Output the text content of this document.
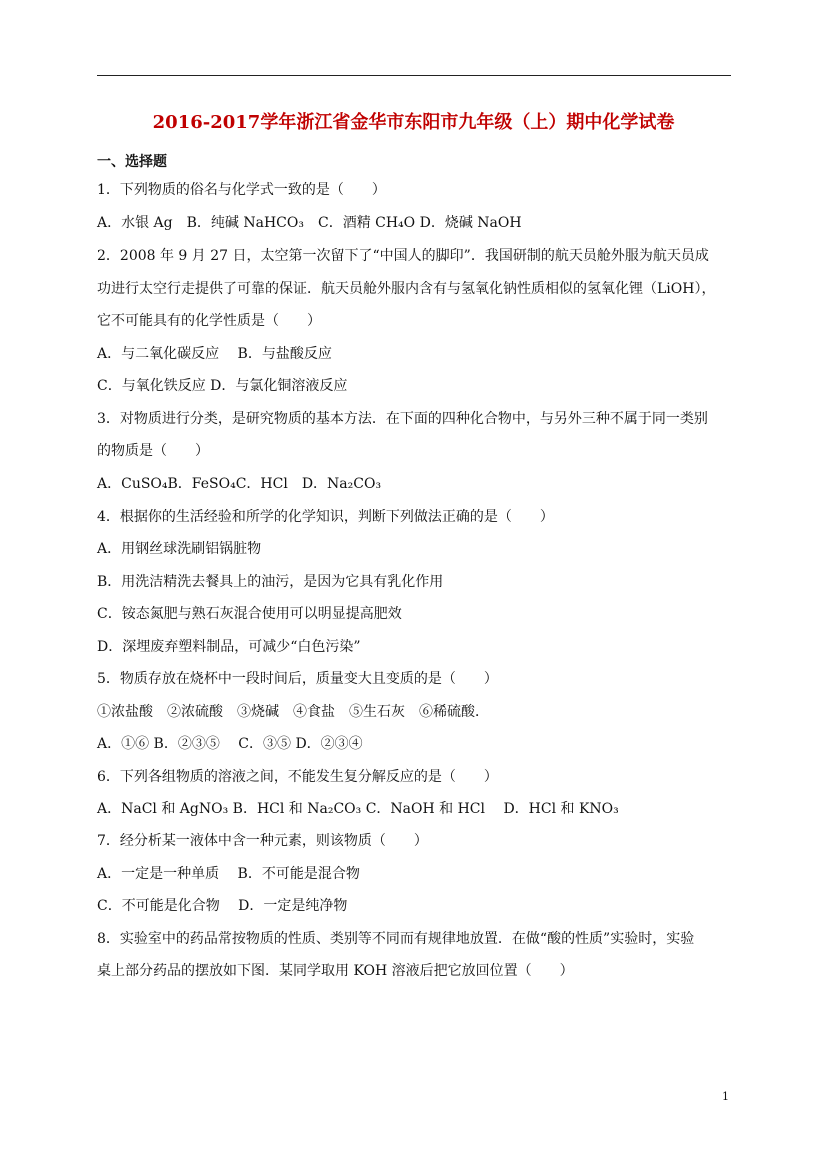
2016-2017学年浙江省金华市东阳市九年级（上）期中化学试卷
一、选择题
1．下列物质的俗名与化学式一致的是（　　）
A．水银 Ag　B．纯碱 NaHCO₃　C．酒精 CH₄O D．烧碱 NaOH
2．2008 年 9 月 27 日，太空第一次留下了“中国人的脚印”．我国研制的航天员舱外服为航天员成
功进行太空行走提供了可靠的保证．航天员舱外服内含有与氢氧化钠性质相似的氢氧化锂（LiOH），
它不可能具有的化学性质是（　　）
A．与二氧化碳反应　 B．与盐酸反应
C．与氧化铁反应 D．与氯化铜溶液反应
3．对物质进行分类，是研究物质的基本方法．在下面的四种化合物中，与另外三种不属于同一类别
的物质是（　　）
A．CuSO₄B．FeSO₄C．HCl　D．Na₂CO₃
4．根据你的生活经验和所学的化学知识，判断下列做法正确的是（　　）
A．用钢丝球洗刷铝锅脏物
B．用洗洁精洗去餐具上的油污，是因为它具有乳化作用
C．铵态氮肥与熟石灰混合使用可以明显提高肥效
D．深埋废弃塑料制品，可减少“白色污染”
5．物质存放在烧杯中一段时间后，质量变大且变质的是（　　）
①浓盐酸　②浓硫酸　③烧碱　④食盐　⑤生石灰　⑥稀硫酸．
A．①⑥ B．②③⑤　 C．③⑤ D．②③④
6．下列各组物质的溶液之间，不能发生复分解反应的是（　　）
A．NaCl 和 AgNO₃ B．HCl 和 Na₂CO₃ C．NaOH 和 HCl　 D．HCl 和 KNO₃
7．经分析某一液体中含一种元素，则该物质（　　）
A．一定是一种单质　 B．不可能是混合物
C．不可能是化合物　 D．一定是纯净物
8．实验室中的药品常按物质的性质、类别等不同而有规律地放置．在做“酸的性质”实验时，实验
桌上部分药品的摆放如下图．某同学取用 KOH 溶液后把它放回位置（　　）
1
